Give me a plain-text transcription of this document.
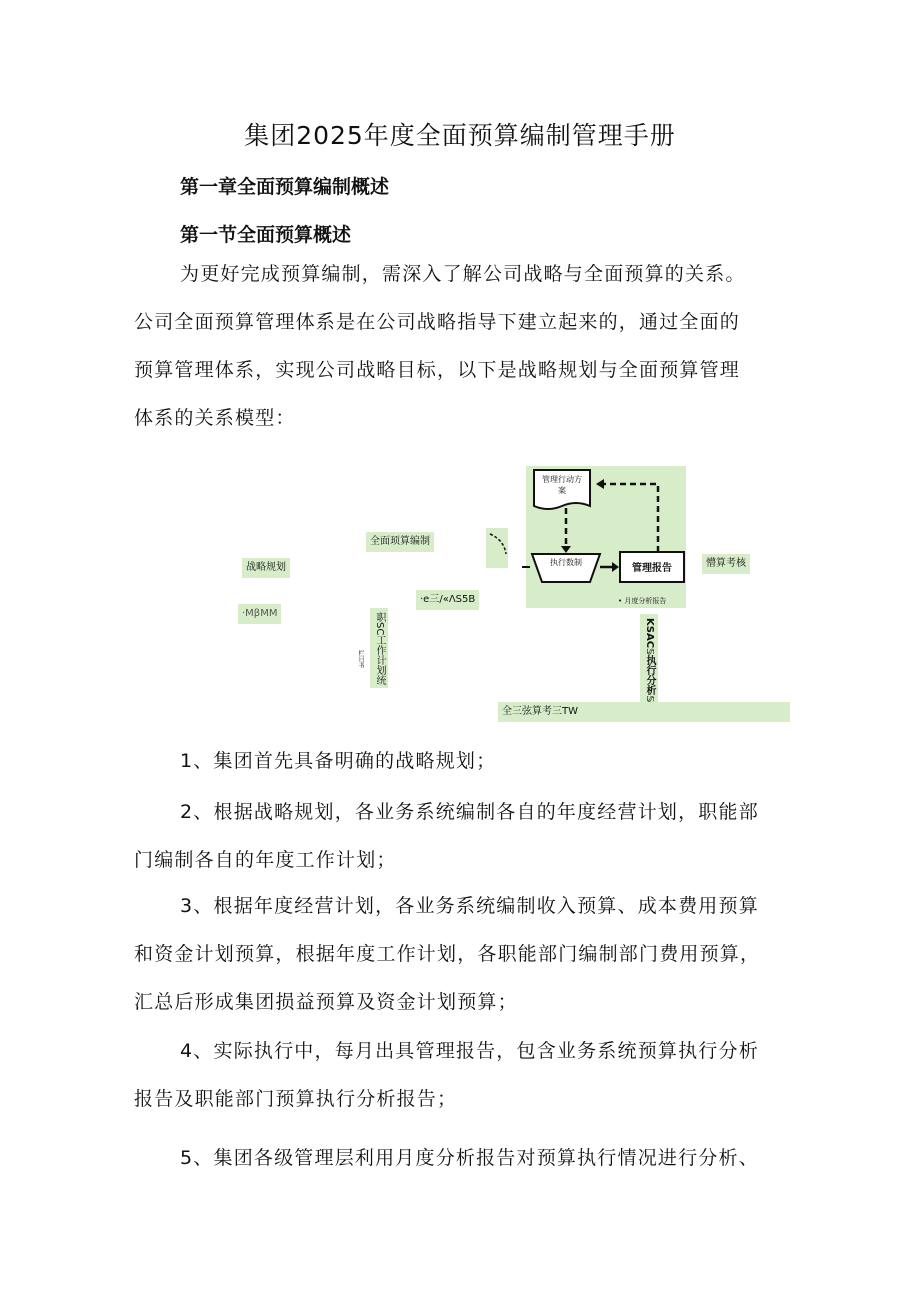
集团2025年度全面预算编制管理手册
第一章全面预算编制概述
第一节全面预算概述
为更好完成预算编制，需深入了解公司战略与全面预算的关系。
公司全面预算管理体系是在公司战略指导下建立起来的，通过全面的
预算管理体系，实现公司战略目标，以下是战略规划与全面预算管理
体系的关系模型：
管理行动方案
执行数制
管理报告
• 月度分析报告
战略规划
·MβMM
全面顼算编制
·e三/«ΛS5B
懵算考核
职SC工作计划统
栏目书	KSAC𝕊执行分析𝕊
全三弦算考三TW
1、集团首先具备明确的战略规划；
2、根据战略规划，各业务系统编制各自的年度经营计划，职能部
门编制各自的年度工作计划；
3、根据年度经营计划，各业务系统编制收入预算、成本费用预算
和资金计划预算，根据年度工作计划，各职能部门编制部门费用预算，
汇总后形成集团损益预算及资金计划预算；
4、实际执行中，每月出具管理报告，包含业务系统预算执行分析
报告及职能部门预算执行分析报告；
5、集团各级管理层利用月度分析报告对预算执行情况进行分析、
